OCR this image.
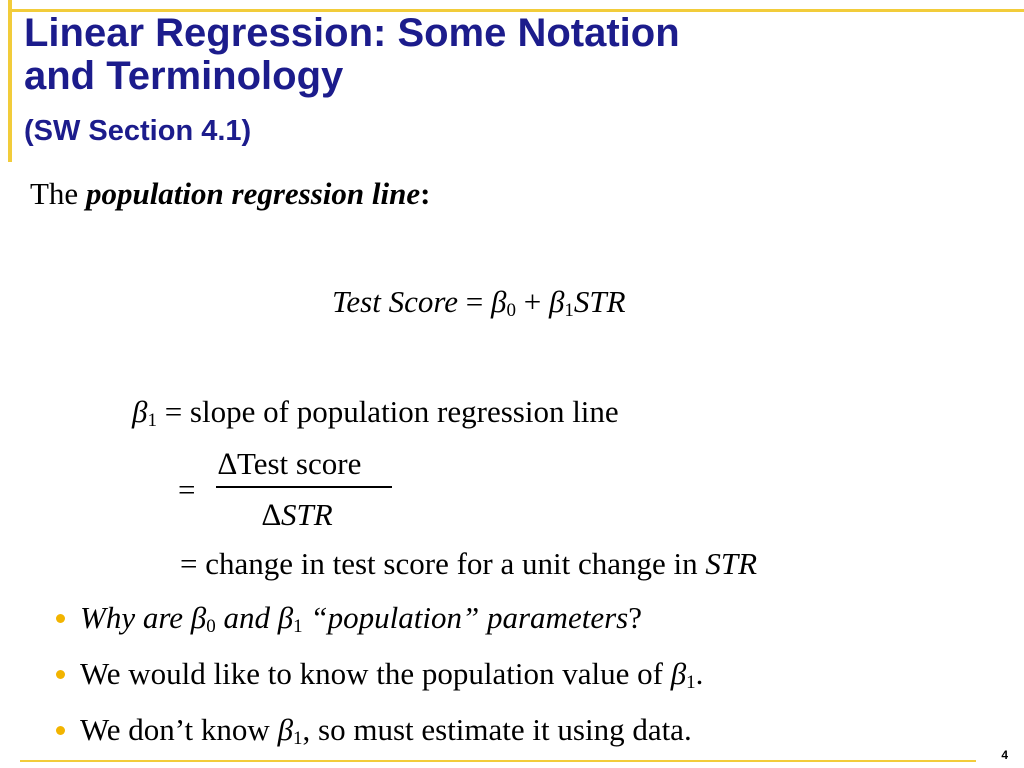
Linear Regression: Some Notation
and Terminology
(SW Section 4.1)
The population regression line:
Test Score = $\beta_0 + \beta_1STR$
$\beta_1$ = slope of population regression line
=
∆Test score
∆STR
= change in test score for a unit change in STR
Why are $\beta_0$ and $\beta_1$ “population” parameters?
We would like to know the population value of $\beta_1$.
We don’t know $\beta_1$, so must estimate it using data.
4
